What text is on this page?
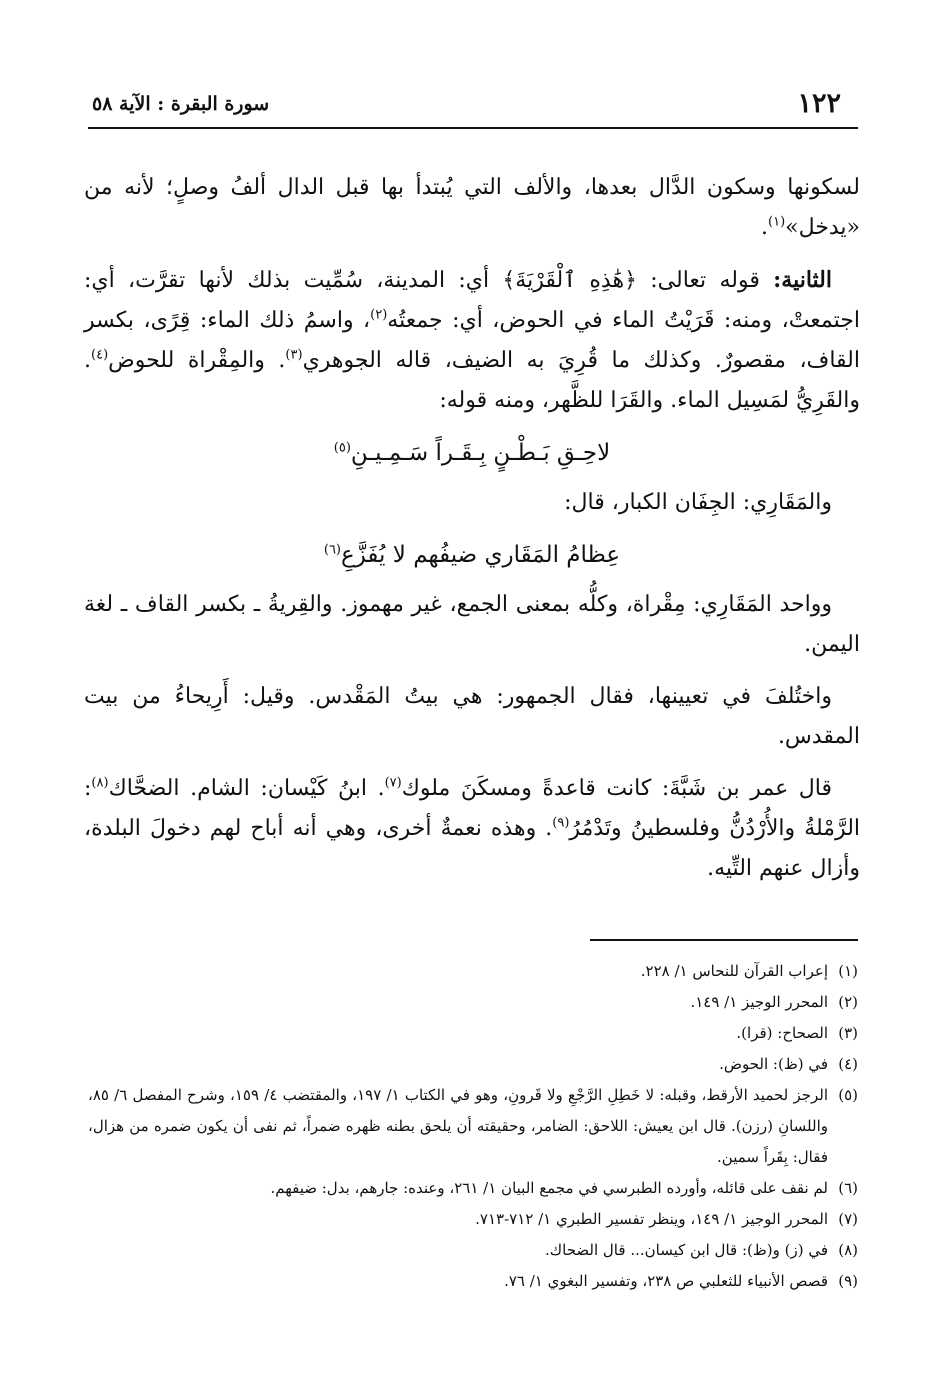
١٢٢
سورة البقرة : الآية ٥٨

لسكونها وسكون الدَّال بعدها، والألف التي يُبتدأ بها قبل الدال ألفُ وصلٍ؛ لأنه من «يدخل»$^{(١)}$.

الثانية: قوله تعالى: ﴿هَٰذِهِ ٱلْقَرْيَةَ﴾ أي: المدينة، سُمِّيت بذلك لأنها تقرَّت، أي: اجتمعتْ، ومنه: قَرَيْتُ الماء في الحوض، أي: جمعتُه$^{(٢)}$، واسمُ ذلك الماء: قِرًى، بكسر القاف، مقصورٌ. وكذلك ما قُرِيَ به الضيف، قاله الجوهري$^{(٣)}$. والمِقْراة للحوض$^{(٤)}$. والقَرِيُّ لمَسِيل الماء. والقَرَا للظَّهر، ومنه قوله:

لاحِـقِ بَـطْـنٍ بِـقَـراً سَـمِـيـنِ$^{(٥)}$

والمَقَارِي: الجِفَان الكبار، قال:

عِظامُ المَقَاري ضيفُهم لا يُفَزَّعِ$^{(٦)}$

وواحد المَقَارِي: مِقْراة، وكلُّه بمعنى الجمع، غير مهموز. والقِريةُ ـ بكسر القاف ـ لغة اليمن.

واختُلفَ في تعيينها، فقال الجمهور: هي بيتُ المَقْدس. وقيل: أَرِيحاءُ من بيت المقدس.

قال عمر بن شَبَّةَ: كانت قاعدةً ومسكَنَ ملوك$^{(٧)}$. ابنُ كَيْسان: الشام. الضحَّاك$^{(٨)}$: الرَّمْلةُ والأُرْدُنُّ وفلسطينُ وتَدْمُرُ$^{(٩)}$. وهذه نعمةٌ أخرى، وهي أنه أباح لهم دخولَ البلدة، وأزال عنهم التِّيه.

(١)
إعراب القرآن للنحاس ١/ ٢٢٨.
(٢)
المحرر الوجيز ١/ ١٤٩.
(٣)
الصحاح: (قرا).
(٤)
في (ظ): الحوض.
(٥)
الرجز لحميد الأرقط، وقبله: لا خَطِلِ الرَّجْعِ ولا قَرونِ، وهو في الكتاب ١/ ١٩٧، والمقتضب ٤/ ١٥٩، وشرح المفصل ٦/ ٨٥، واللسانِ (رزن). قال ابن يعيش: اللاحق: الضامر، وحقيقته أن يلحق بطنه ظهره ضمراً، ثم نفى أن يكون ضمره من هزال، فقال: بِقَراً سمين.
(٦)
لم نقف على قائله، وأورده الطبرسي في مجمع البيان ١/ ٢٦١، وعنده: جارهم، بدل: ضيفهم.
(٧)
المحرر الوجيز ١/ ١٤٩، وينظر تفسير الطبري ١/ ٧١٢-٧١٣.
(٨)
في (ز) و(ظ): قال ابن كيسان... قال الضحاك.
(٩)
قصص الأنبياء للثعلبي ص ٢٣٨، وتفسير البغوي ١/ ٧٦.
